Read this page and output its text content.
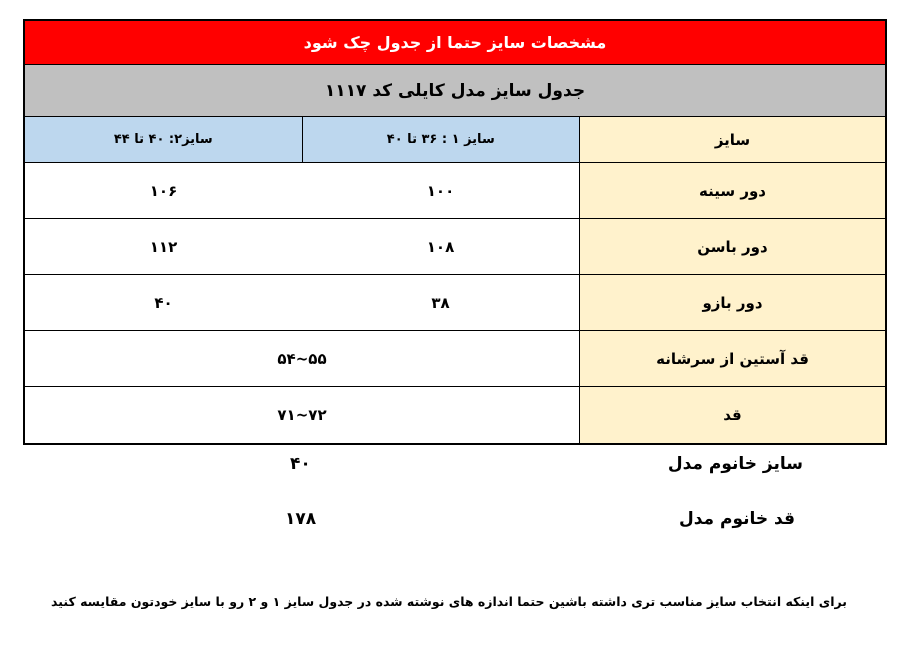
مشخصات سایز حتما از جدول چک شود
جدول سایز مدل کایلی کد ۱۱۱۷
سایز
سایز ۱ : ۳۶ تا ۴۰
سایز۲: ۴۰ تا ۴۴
دور سینه
۱۰۰
۱۰۶
دور باسن
۱۰۸
۱۱۲
دور بازو
۳۸
۴۰
قد آستین از سرشانه
۵۵~۵۴
قد
۷۲~۷۱
سایز خانوم مدل
۴۰
قد خانوم مدل
۱۷۸
برای اینکه انتخاب سایز مناسب تری داشته باشین حتما اندازه های نوشته شده در جدول سایز ۱ و ۲ رو با سایز خودتون مقایسه کنید
